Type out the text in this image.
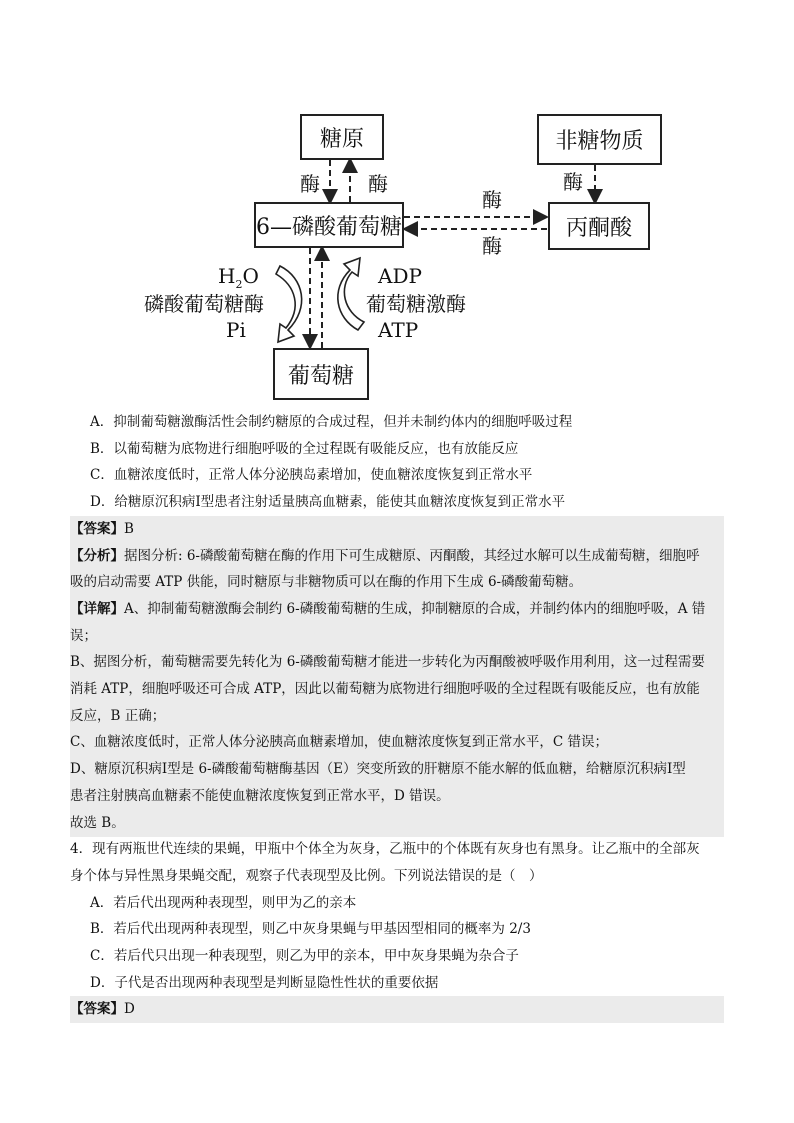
糖原	非糖物质
6—磷酸葡萄糖	丙酮酸
葡萄糖
酶 酶	酶
酶
酶
$H_2O$
磷酸葡萄糖酶
Pi
ADP
葡萄糖激酶
ATP
A．抑制葡萄糖激酶活性会制约糖原的合成过程，但并未制约体内的细胞呼吸过程
B．以葡萄糖为底物进行细胞呼吸的全过程既有吸能反应，也有放能反应
C．血糖浓度低时，正常人体分泌胰岛素增加，使血糖浓度恢复到正常水平
D．给糖原沉积病Ⅰ型患者注射适量胰高血糖素，能使其血糖浓度恢复到正常水平
【答案】B
【分析】据图分析: 6-磷酸葡萄糖在酶的作用下可生成糖原、丙酮酸，其经过水解可以生成葡萄糖，细胞呼
吸的启动需要 ATP 供能，同时糖原与非糖物质可以在酶的作用下生成 6-磷酸葡萄糖。
【详解】A、抑制葡萄糖激酶会制约 6-磷酸葡萄糖的生成，抑制糖原的合成，并制约体内的细胞呼吸，A 错
误；
B、据图分析，葡萄糖需要先转化为 6-磷酸葡萄糖才能进一步转化为丙酮酸被呼吸作用利用，这一过程需要
消耗 ATP，细胞呼吸还可合成 ATP，因此以葡萄糖为底物进行细胞呼吸的全过程既有吸能反应，也有放能
反应，B 正确；
C、血糖浓度低时，正常人体分泌胰高血糖素增加，使血糖浓度恢复到正常水平，C 错误；
D、糖原沉积病Ⅰ型是 6-磷酸葡萄糖酶基因（E）突变所致的肝糖原不能水解的低血糖，给糖原沉积病Ⅰ型
患者注射胰高血糖素不能使血糖浓度恢复到正常水平，D 错误。
故选 B。
4．现有两瓶世代连续的果蝇，甲瓶中个体全为灰身，乙瓶中的个体既有灰身也有黑身。让乙瓶中的全部灰
身个体与异性黑身果蝇交配，观察子代表现型及比例。下列说法错误的是（　）
A．若后代出现两种表现型，则甲为乙的亲本
B．若后代出现两种表现型，则乙中灰身果蝇与甲基因型相同的概率为 2/3
C．若后代只出现一种表现型，则乙为甲的亲本，甲中灰身果蝇为杂合子
D．子代是否出现两种表现型是判断显隐性性状的重要依据
【答案】D
